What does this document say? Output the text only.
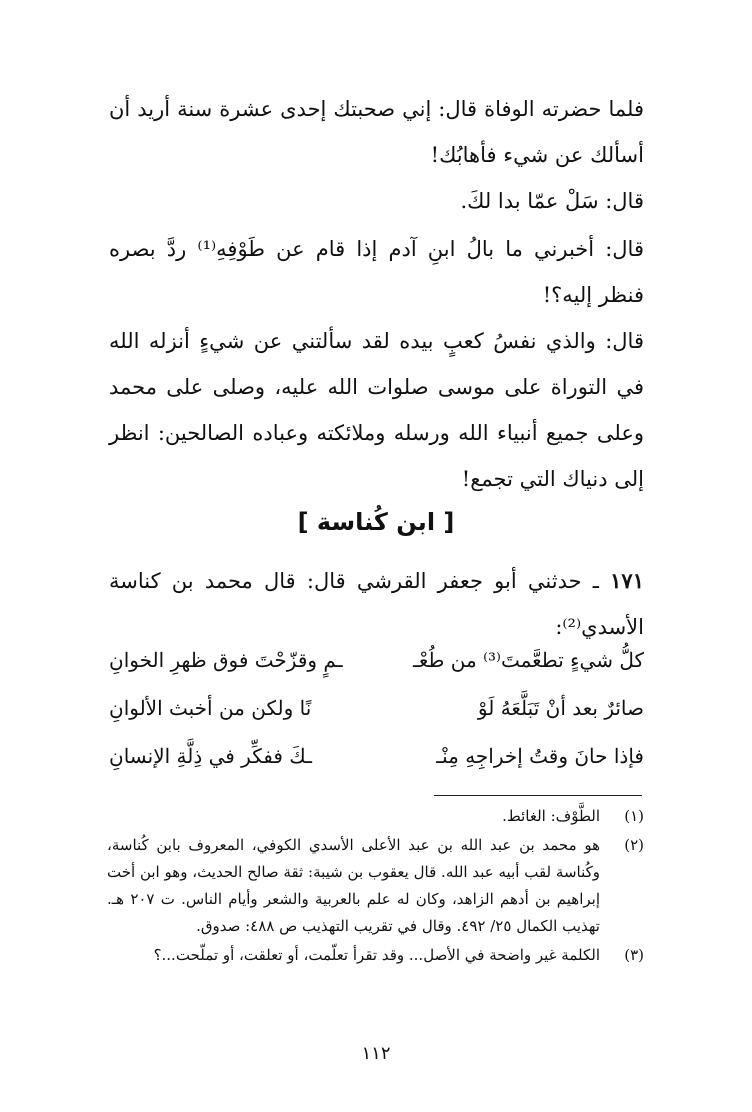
فلما حضرته الوفاة قال: إني صحبتك إحدى عشرة سنة أريد أن أسألك عن شيء فأهابُك!

قال: سَلْ عمّا بدا لكَ.

قال: أخبرني ما بالُ ابنِ آدم إذا قام عن طَوْفِهِ⁽¹⁾ ردَّ بصره فنظر إليه؟!

قال: والذي نفسُ كعبٍ بيده لقد سألتني عن شيءٍ أنزله الله في التوراة على موسى صلوات الله عليه، وصلى على محمد وعلى جميع أنبياء الله ورسله وملائكته وعباده الصالحين: انظر إلى دنياك التي تجمع!

[ ابن كُناسة ]

١٧١ ـ حدثني أبو جعفر القرشي قال: قال محمد بن كناسة الأسدي⁽²⁾:

كلُّ شيءٍ تطعَّمتَ⁽³⁾ من طُعْـ
ـمٍ وقزّحْتَ فوق ظهرِ الخوانِ
صائرٌ بعد أنْ تَبَلَّعَهُ لَوْ
نًا ولكن من أخبث الألوانِ
فإذا حانَ وقتُ إخراجِهِ مِنْـ
ـكَ ففكِّر في ذِلَّةِ الإنسانِ
(١)
الطَّوْف: الغائط.
(٢)
هو محمد بن عبد الله بن عبد الأعلى الأسدي الكوفي، المعروف بابن كُناسة، وكُناسة لقب أبيه عبد الله. قال يعقوب بن شيبة: ثقة صالح الحديث، وهو ابن أخت إبراهيم بن أدهم الزاهد، وكان له علم بالعربية والشعر وأيام الناس. ت ٢٠٧ هـ. تهذيب الكمال ٢٥/ ٤٩٢. وقال في تقريب التهذيب ص ٤٨٨: صدوق.
(٣)
الكلمة غير واضحة في الأصل... وقد تقرأ تعلّمت، أو تعلقت، أو تملّحت...؟
١١٢
